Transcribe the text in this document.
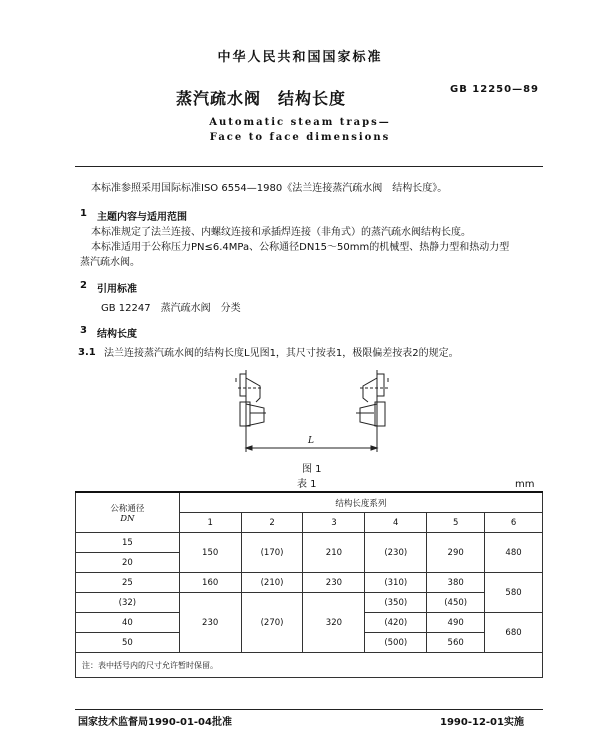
中华人民共和国国家标准
蒸汽疏水阀　结构长度	GB 12250—89
Automatic steam traps—
Face to face dimensions
本标准参照采用国际标准ISO 6554—1980《法兰连接蒸汽疏水阀　结构长度》。
1 主题内容与适用范围
本标准规定了法兰连接、内螺纹连接和承插焊连接（非角式）的蒸汽疏水阀结构长度。
本标准适用于公称压力PN≤6.4MPa、公称通径DN15～50mm的机械型、热静力型和热动力型
蒸汽疏水阀。
2 引用标准
GB 12247　蒸汽疏水阀　分类
3 结构长度
3.1 法兰连接蒸汽疏水阀的结构长度L见图1，其尺寸按表1，极限偏差按表2的规定。
L
图 1
表 1	mm
公称通径
DN	结构长度系列					
	1	2	3	4	5	6
15	150	(170)	210	(230)	290	480
20						
25	160	(210)	230	(310)	380	580
(32)	230	(270)	320	(350)	(450)	
40				(420)	490	680
50				(500)	560	
注：表中括号内的尺寸允许暂时保留。						
国家技术监督局1990-01-04批准	1990-12-01实施
